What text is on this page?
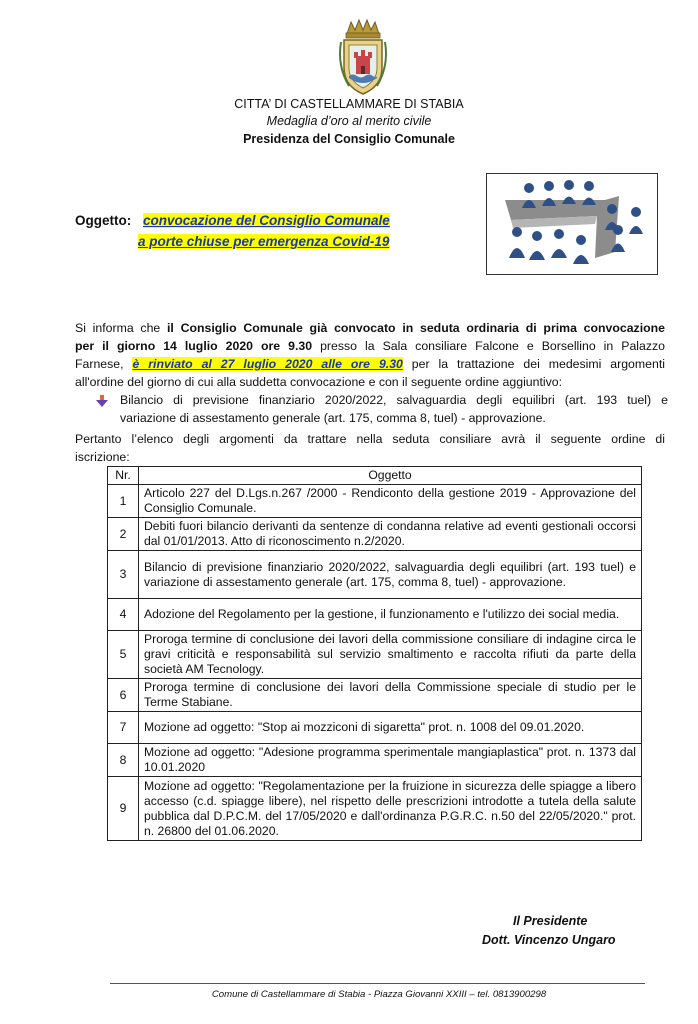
CITTA’ DI CASTELLAMMARE DI STABIA
Medaglia d’oro al merito civile
Presidenza del Consiglio Comunale
Oggetto: convocazione del Consiglio Comunale
a porte chiuse per emergenza Covid-19
Si informa che il Consiglio Comunale già convocato in seduta ordinaria di prima convocazione
per il giorno 14 luglio 2020 ore 9.30 presso la Sala consiliare Falcone e Borsellino in Palazzo
Farnese, è rinviato al 27 luglio 2020 alle ore 9.30 per la trattazione dei medesimi argomenti
all'ordine del giorno di cui alla suddetta convocazione e con il seguente ordine aggiuntivo:
Bilancio di previsione finanziario 2020/2022, salvaguardia degli equilibri (art. 193 tuel) e
variazione di assestamento generale (art. 175, comma 8, tuel) - approvazione.
Pertanto l’elenco degli argomenti da trattare nella seduta consiliare avrà il seguente ordine di
iscrizione:
Nr.	Oggetto
1	Articolo 227 del D.Lgs.n.267 /2000 - Rendiconto della gestione 2019 - Approvazione del Consiglio Comunale.
2	Debiti fuori bilancio derivanti da sentenze di condanna relative ad eventi gestionali occorsi dal 01/01/2013. Atto di riconoscimento n.2/2020.
3	Bilancio di previsione finanziario 2020/2022, salvaguardia degli equilibri (art. 193 tuel) e variazione di assestamento generale (art. 175, comma 8, tuel) - approvazione.
4	Adozione del Regolamento per la gestione, il funzionamento e l'utilizzo dei social media.
5	Proroga termine di conclusione dei lavori della commissione consiliare di indagine circa le gravi criticità e responsabilità sul servizio smaltimento e raccolta rifiuti da parte della società AM Tecnology.
6	Proroga termine di conclusione dei lavori della Commissione speciale di studio per le Terme Stabiane.
7	Mozione ad oggetto: "Stop ai mozziconi di sigaretta" prot. n. 1008 del 09.01.2020.
8	Mozione ad oggetto: "Adesione programma sperimentale mangiaplastica" prot. n. 1373 dal 10.01.2020
9	Mozione ad oggetto: "Regolamentazione per la fruizione in sicurezza delle spiagge a libero accesso (c.d. spiagge libere), nel rispetto delle prescrizioni introdotte a tutela della salute pubblica dal D.P.C.M. del 17/05/2020 e dall'ordinanza P.G.R.C. n.50 del 22/05/2020." prot. n. 26800 del 01.06.2020.
Il Presidente
Dott. Vincenzo Ungaro
Comune di Castellammare di Stabia - Piazza Giovanni XXIII – tel. 0813900298
